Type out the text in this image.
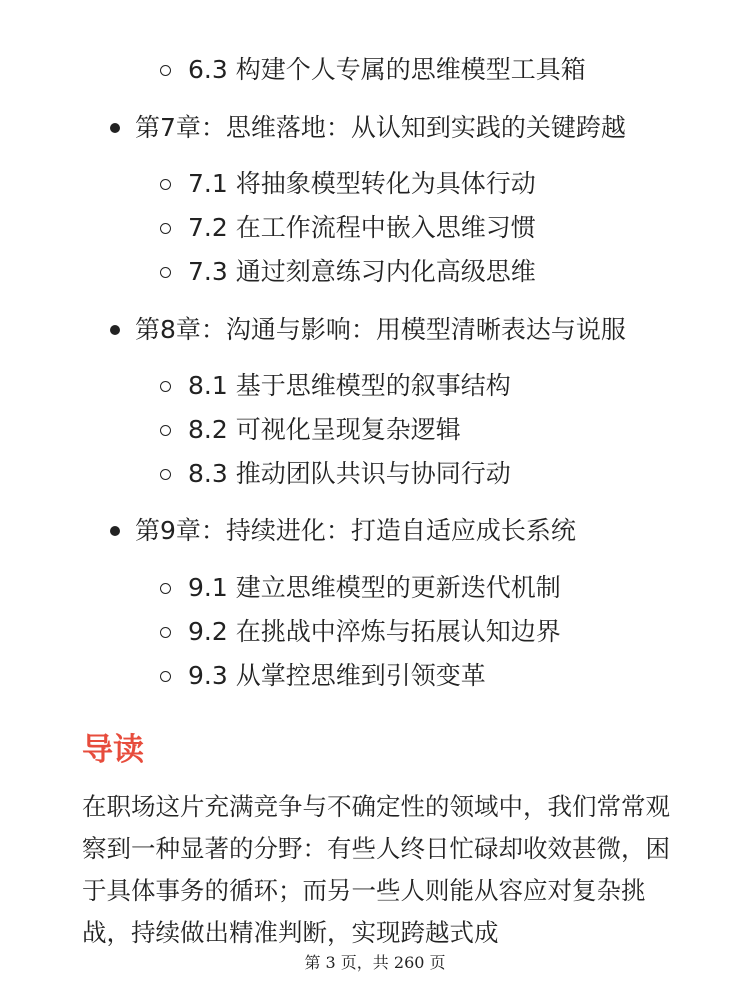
6.3 构建个人专属的思维模型工具箱
第7章：思维落地：从认知到实践的关键跨越
7.1 将抽象模型转化为具体行动
7.2 在工作流程中嵌入思维习惯
7.3 通过刻意练习内化高级思维
第8章：沟通与影响：用模型清晰表达与说服
8.1 基于思维模型的叙事结构
8.2 可视化呈现复杂逻辑
8.3 推动团队共识与协同行动
第9章：持续进化：打造自适应成长系统
9.1 建立思维模型的更新迭代机制
9.2 在挑战中淬炼与拓展认知边界
9.3 从掌控思维到引领变革
导读
在职场这片充满竞争与不确定性的领域中，我们常常观察到一种显著的分野：有些人终日忙碌却收效甚微，困于具体事务的循环；而另一些人则能从容应对复杂挑战，持续做出精准判断，实现跨越式成
第 3 页，共 260 页
